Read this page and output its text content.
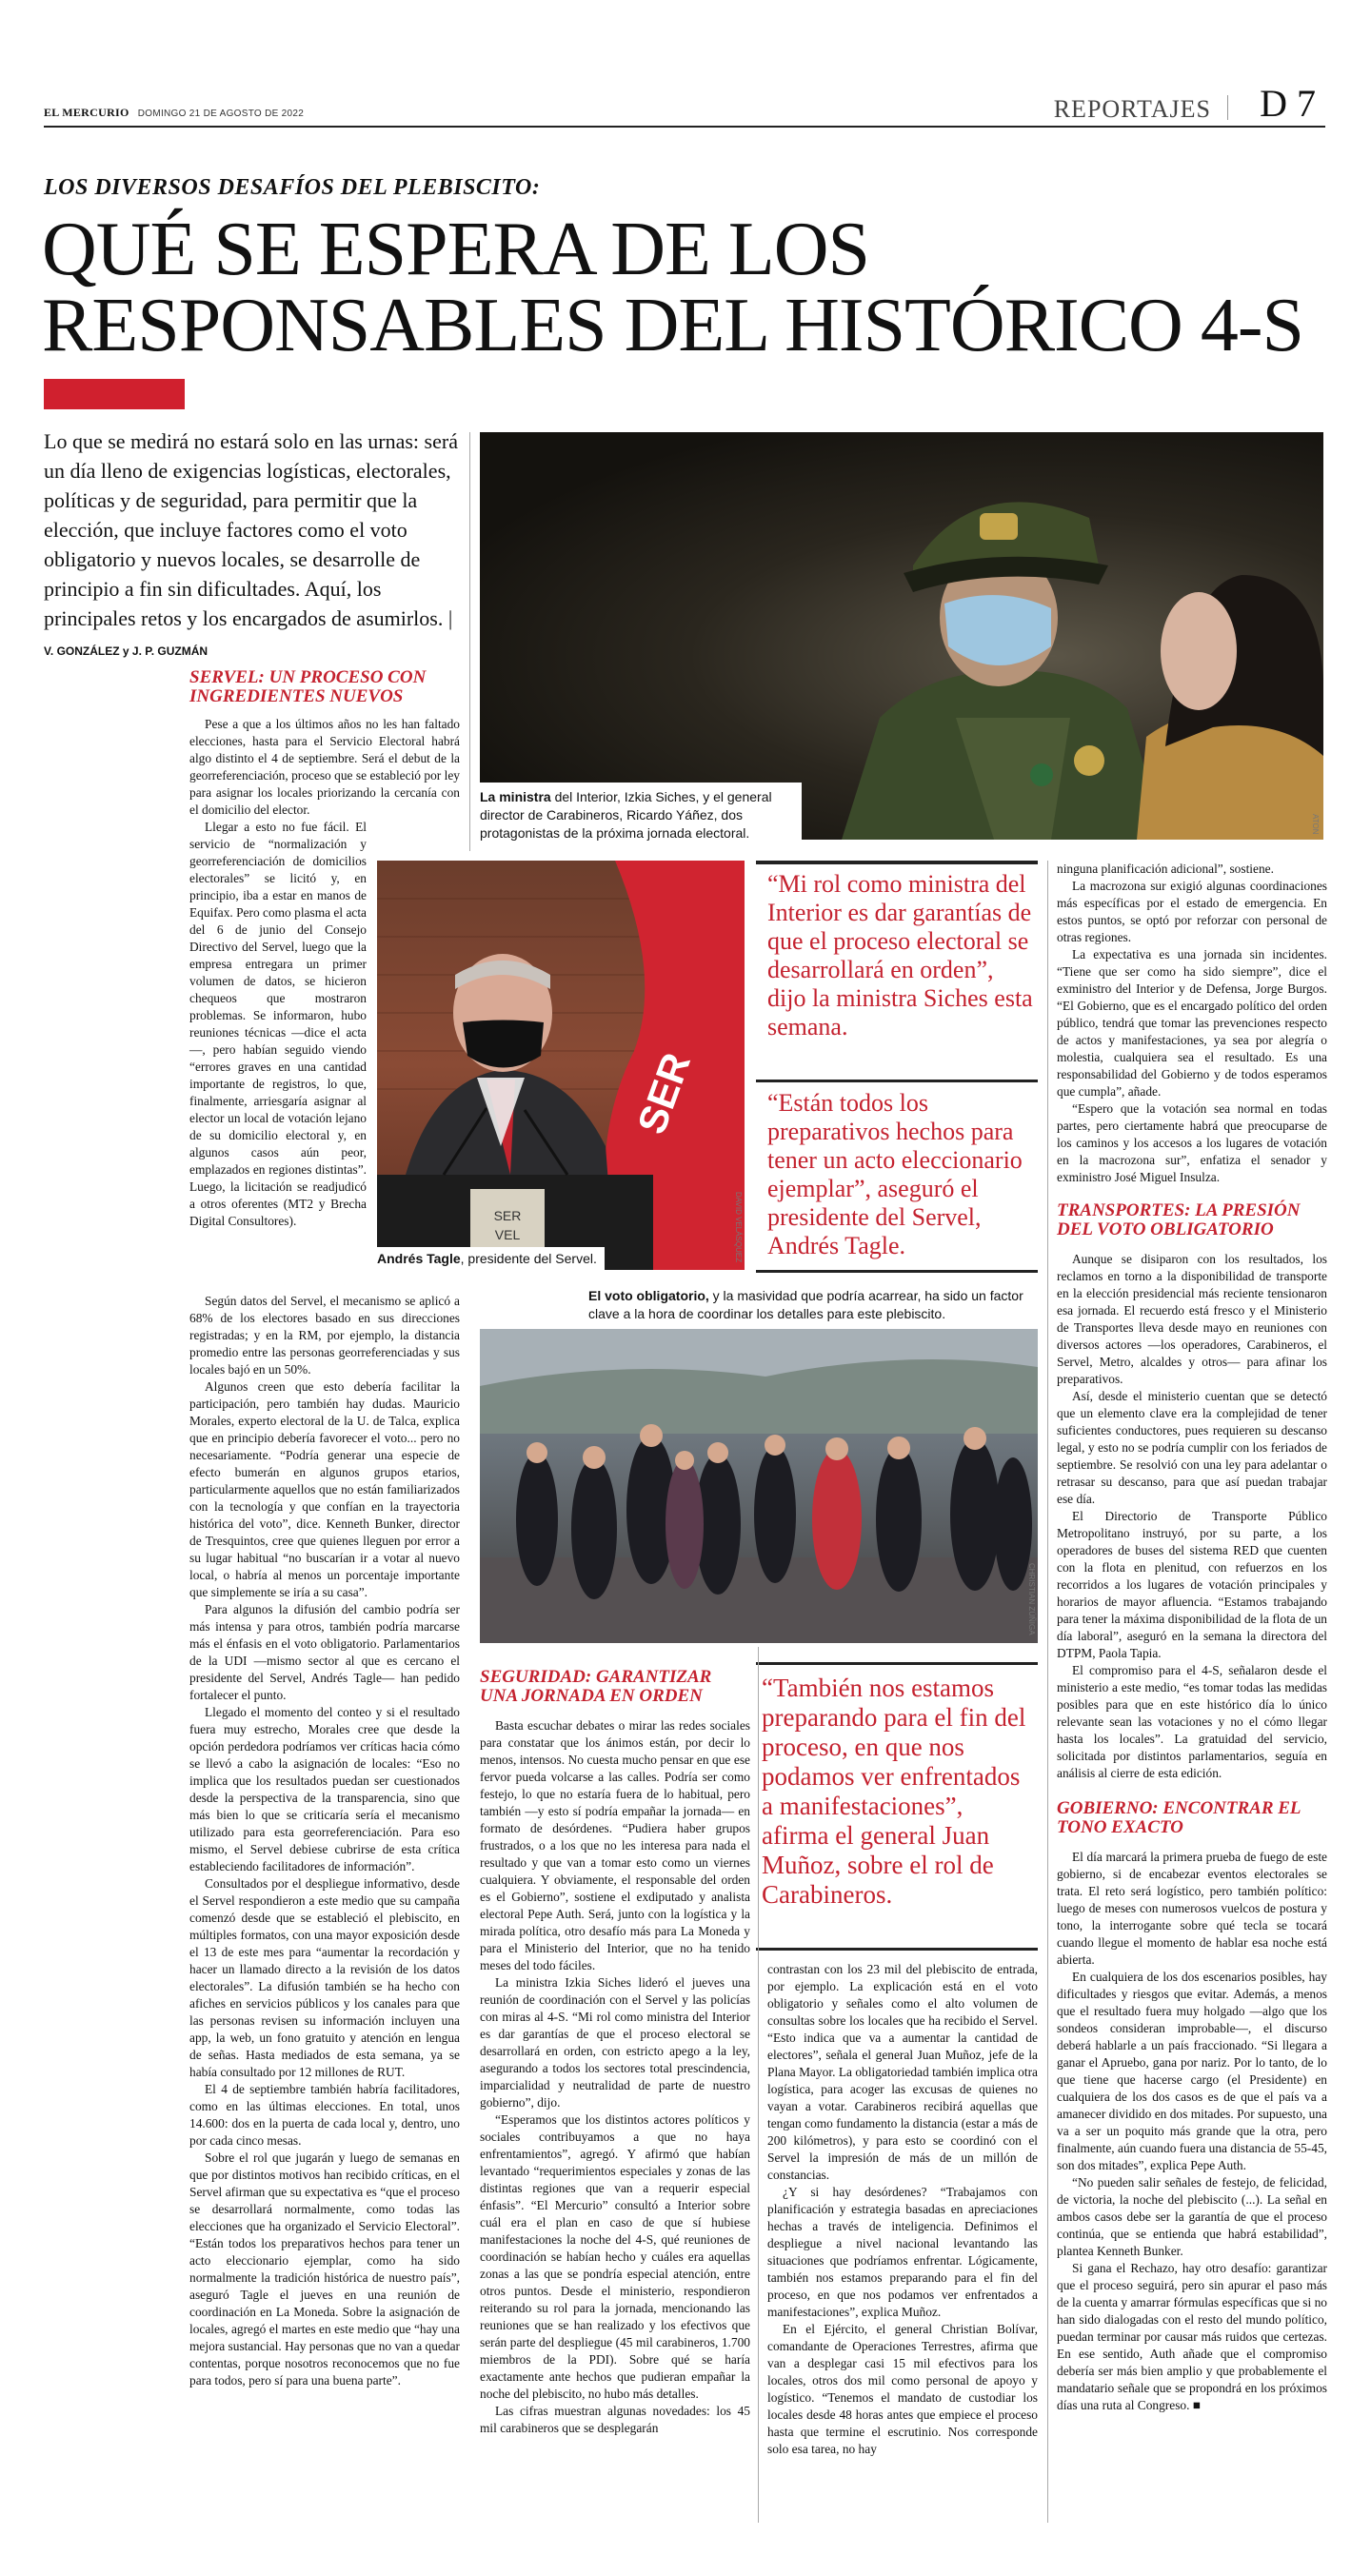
EL MERCURIO DOMINGO 21 DE AGOSTO DE 2022	REPORTAJES D 7
LOS DIVERSOS DESAFÍOS DEL PLEBISCITO:
QUÉ SE ESPERA DE LOS
RESPONSABLES DEL HISTÓRICO 4-S
Lo que se medirá no estará solo en las urnas: será un día lleno de exigencias logísticas, electorales, políticas y de seguridad, para permitir que la elección, que incluye factores como el voto obligatorio y nuevos locales, se desarrolle de principio a fin sin dificultades. Aquí, los principales retos y los encargados de asumirlos. | V. GONZÁLEZ y J. P. GUZMÁN
ATON
La ministra del Interior, Izkia Siches, y el general director de Carabineros, Ricardo Yáñez, dos protagonistas de la próxima jornada electoral.
SERVEL: UN PROCESO CON INGREDIENTES NUEVOS

Pese a que a los últimos años no les han faltado elecciones, hasta para el Servicio Electoral habrá algo distinto el 4 de septiembre. Será el debut de la georreferenciación, proceso que se estableció por ley para asignar los locales priorizando la cercanía con el domicilio del elector.

Llegar a esto no fue fácil. El servicio de “normalización y georreferenciación de domicilios electorales” se licitó y, en principio, iba a estar en manos de Equifax. Pero como plasma el acta del 6 de junio del Consejo Directivo del Servel, luego que la empresa entregara un primer volumen de datos, se hicieron chequeos que mostraron problemas. Se informaron, hubo reuniones técnicas —dice el acta—, pero habían seguido viendo “errores graves en una cantidad importante de registros, lo que, finalmente, arriesgaría asignar al elector un local de votación lejano de su domicilio electoral y, en algunos casos aún peor, emplazados en regiones distintas”. Luego, la licitación se readjudicó a otros oferentes (MT2 y Brecha Digital Consultores).

Según datos del Servel, el mecanismo se aplicó a 68% de los electores basado en sus direcciones registradas; y en la RM, por ejemplo, la distancia promedio entre las personas georreferenciadas y sus locales bajó en un 50%.

Algunos creen que esto debería facilitar la participación, pero también hay dudas. Mauricio Morales, experto electoral de la U. de Talca, explica que en principio debería favorecer el voto... pero no necesariamente. “Podría generar una especie de efecto bumerán en algunos grupos etarios, particularmente aquellos que no están familiarizados con la tecnología y que confían en la trayectoria histórica del voto”, dice. Kenneth Bunker, director de Tresquintos, cree que quienes lleguen por error a su lugar habitual “no buscarían ir a votar al nuevo local, o habría al menos un porcentaje importante que simplemente se iría a su casa”.

Para algunos la difusión del cambio podría ser más intensa y para otros, también podría marcarse más el énfasis en el voto obligatorio. Parlamentarios de la UDI —mismo sector al que es cercano el presidente del Servel, Andrés Tagle— han pedido fortalecer el punto.

Llegado el momento del conteo y si el resultado fuera muy estrecho, Morales cree que desde la opción perdedora podríamos ver críticas hacia cómo se llevó a cabo la asignación de locales: “Eso no implica que los resultados puedan ser cuestionados desde la perspectiva de la transparencia, sino que más bien lo que se criticaría sería el mecanismo utilizado para esta georreferenciación. Para eso mismo, el Servel debiese cubrirse de esta crítica estableciendo facilitadores de información”.

Consultados por el despliegue informativo, desde el Servel respondieron a este medio que su campaña comenzó desde que se estableció el plebiscito, en múltiples formatos, con una mayor exposición desde el 13 de este mes para “aumentar la recordación y hacer un llamado directo a la revisión de los datos electorales”. La difusión también se ha hecho con afiches en servicios públicos y los canales para que las personas revisen su información incluyen una app, la web, un fono gratuito y atención en lengua de señas. Hasta mediados de esta semana, ya se había consultado por 12 millones de RUT.

El 4 de septiembre también habría facilitadores, como en las últimas elecciones. En total, unos 14.600: dos en la puerta de cada local y, dentro, uno por cada cinco mesas.

Sobre el rol que jugarán y luego de semanas en que por distintos motivos han recibido críticas, en el Servel afirman que su expectativa es “que el proceso se desarrollará normalmente, como todas las elecciones que ha organizado el Servicio Electoral”. “Están todos los preparativos hechos para tener un acto eleccionario ejemplar, como ha sido normalmente la tradición histórica de nuestro país”, aseguró Tagle el jueves en una reunión de coordinación en La Moneda. Sobre la asignación de locales, agregó el martes en este medio que “hay una mejora sustancial. Hay personas que no van a quedar contentas, porque nosotros reconocemos que no fue para todos, pero sí para una buena parte”.

SER
SER
VEL	DAVID VELÁSQUEZ
Andrés Tagle, presidente del Servel.
“Mi rol como ministra del Interior es dar garantías de que el proceso electoral se desarrollará en orden”, dijo la ministra Siches esta semana.
“Están todos los preparativos hechos para tener un acto eleccionario ejemplar”, aseguró el presidente del Servel, Andrés Tagle.
El voto obligatorio, y la masividad que podría acarrear, ha sido un factor clave a la hora de coordinar los detalles para este plebiscito.
CHRISTIAN ZÚÑIGA
SEGURIDAD: GARANTIZAR UNA JORNADA EN ORDEN

Basta escuchar debates o mirar las redes sociales para constatar que los ánimos están, por decir lo menos, intensos. No cuesta mucho pensar en que ese fervor pueda volcarse a las calles. Podría ser como festejo, lo que no estaría fuera de lo habitual, pero también —y esto sí podría empañar la jornada— en formato de desórdenes. “Pudiera haber grupos frustrados, o a los que no les interesa para nada el resultado y que van a tomar esto como un viernes cualquiera. Y obviamente, el responsable del orden es el Gobierno”, sostiene el exdiputado y analista electoral Pepe Auth. Será, junto con la logística y la mirada política, otro desafío más para La Moneda y para el Ministerio del Interior, que no ha tenido meses del todo fáciles.

La ministra Izkia Siches lideró el jueves una reunión de coordinación con el Servel y las policías con miras al 4-S. “Mi rol como ministra del Interior es dar garantías de que el proceso electoral se desarrollará en orden, con estricto apego a la ley, asegurando a todos los sectores total prescindencia, imparcialidad y neutralidad de parte de nuestro gobierno”, dijo.

“Esperamos que los distintos actores políticos y sociales contribuyamos a que no haya enfrentamientos”, agregó. Y afirmó que habían levantado “requerimientos especiales y zonas de las distintas regiones que van a requerir especial énfasis”. “El Mercurio” consultó a Interior sobre cuál era el plan en caso de que sí hubiese manifestaciones la noche del 4-S, qué reuniones de coordinación se habían hecho y cuáles era aquellas zonas a las que se pondría especial atención, entre otros puntos. Desde el ministerio, respondieron reiterando su rol para la jornada, mencionando las reuniones que se han realizado y los efectivos que serán parte del despliegue (45 mil carabineros, 1.700 miembros de la PDI). Sobre qué se haría exactamente ante hechos que pudieran empañar la noche del plebiscito, no hubo más detalles.

Las cifras muestran algunas novedades: los 45 mil carabineros que se desplegarán

“También nos estamos preparando para el fin del proceso, en que nos podamos ver enfrentados a manifestaciones”, afirma el general Juan Muñoz, sobre el rol de Carabineros.

contrastan con los 23 mil del plebiscito de entrada, por ejemplo. La explicación está en el voto obligatorio y señales como el alto volumen de consultas sobre los locales que ha recibido el Servel. “Esto indica que va a aumentar la cantidad de electores”, señala el general Juan Muñoz, jefe de la Plana Mayor. La obligatoriedad también implica otra logística, para acoger las excusas de quienes no vayan a votar. Carabineros recibirá aquellas que tengan como fundamento la distancia (estar a más de 200 kilómetros), y para esto se coordinó con el Servel la impresión de más de un millón de constancias.

¿Y si hay desórdenes? “Trabajamos con planificación y estrategia basadas en apreciaciones hechas a través de inteligencia. Definimos el despliegue a nivel nacional levantando las situaciones que podríamos enfrentar. Lógicamente, también nos estamos preparando para el fin del proceso, en que nos podamos ver enfrentados a manifestaciones”, explica Muñoz.

En el Ejército, el general Christian Bolívar, comandante de Operaciones Terrestres, afirma que van a desplegar casi 15 mil efectivos para los locales, otros dos mil como personal de apoyo y logístico. “Tenemos el mandato de custodiar los locales desde 48 horas antes que empiece el proceso hasta que termine el escrutinio. Nos corresponde solo esa tarea, no hay

ninguna planificación adicional”, sostiene.

La macrozona sur exigió algunas coordinaciones más específicas por el estado de emergencia. En estos puntos, se optó por reforzar con personal de otras regiones.

La expectativa es una jornada sin incidentes. “Tiene que ser como ha sido siempre”, dice el exministro del Interior y de Defensa, Jorge Burgos. “El Gobierno, que es el encargado político del orden público, tendrá que tomar las prevenciones respecto de actos y manifestaciones, ya sea por alegría o molestia, cualquiera sea el resultado. Es una responsabilidad del Gobierno y de todos esperamos que cumpla”, añade.

“Espero que la votación sea normal en todas partes, pero ciertamente habrá que preocuparse de los caminos y los accesos a los lugares de votación en la macrozona sur”, enfatiza el senador y exministro José Miguel Insulza.

TRANSPORTES: LA PRESIÓN DEL VOTO OBLIGATORIO

Aunque se disiparon con los resultados, los reclamos en torno a la disponibilidad de transporte en la elección presidencial más reciente tensionaron esa jornada. El recuerdo está fresco y el Ministerio de Transportes lleva desde mayo en reuniones con diversos actores —los operadores, Carabineros, el Servel, Metro, alcaldes y otros— para afinar los preparativos.

Así, desde el ministerio cuentan que se detectó que un elemento clave era la complejidad de tener suficientes conductores, pues requieren su descanso legal, y esto no se podría cumplir con los feriados de septiembre. Se resolvió con una ley para adelantar o retrasar su descanso, para que así puedan trabajar ese día.

El Directorio de Transporte Público Metropolitano instruyó, por su parte, a los operadores de buses del sistema RED que cuenten con la flota en plenitud, con refuerzos en los recorridos a los lugares de votación principales y horarios de mayor afluencia. “Estamos trabajando para tener la máxima disponibilidad de la flota de un día laboral”, aseguró en la semana la directora del DTPM, Paola Tapia.

El compromiso para el 4-S, señalaron desde el ministerio a este medio, “es tomar todas las medidas posibles para que en este histórico día lo único relevante sean las votaciones y no el cómo llegar hasta los locales”. La gratuidad del servicio, solicitada por distintos parlamentarios, seguía en análisis al cierre de esta edición.

GOBIERNO: ENCONTRAR EL TONO EXACTO

El día marcará la primera prueba de fuego de este gobierno, si de encabezar eventos electorales se trata. El reto será logístico, pero también político: luego de meses con numerosos vuelcos de postura y tono, la interrogante sobre qué tecla se tocará cuando llegue el momento de hablar esa noche está abierta.

En cualquiera de los dos escenarios posibles, hay dificultades y riesgos que evitar. Además, a menos que el resultado fuera muy holgado —algo que los sondeos consideran improbable—, el discurso deberá hablarle a un país fraccionado. “Si llegara a ganar el Apruebo, gana por nariz. Por lo tanto, de lo que tiene que hacerse cargo (el Presidente) en cualquiera de los dos casos es de que el país va a amanecer dividido en dos mitades. Por supuesto, una va a ser un poquito más grande que la otra, pero finalmente, aún cuando fuera una distancia de 55-45, son dos mitades”, explica Pepe Auth.

“No pueden salir señales de festejo, de felicidad, de victoria, la noche del plebiscito (...). La señal en ambos casos debe ser la garantía de que el proceso continúa, que se entienda que habrá estabilidad”, plantea Kenneth Bunker.

Si gana el Rechazo, hay otro desafío: garantizar que el proceso seguirá, pero sin apurar el paso más de la cuenta y amarrar fórmulas específicas que si no han sido dialogadas con el resto del mundo político, puedan terminar por causar más ruidos que certezas. En ese sentido, Auth añade que el compromiso debería ser más bien amplio y que probablemente el mandatario señale que se propondrá en los próximos días una ruta al Congreso. ■
